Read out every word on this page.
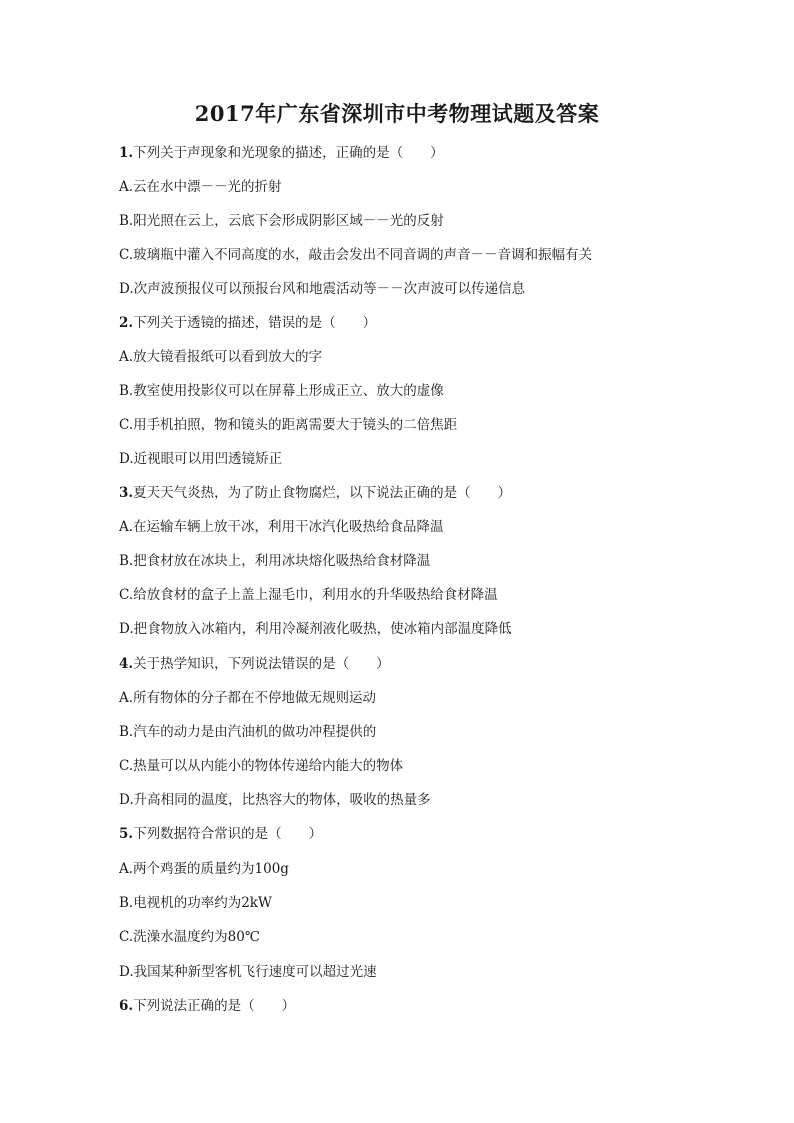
2017年广东省深圳市中考物理试题及答案
1.下列关于声现象和光现象的描述，正确的是（　　）
A.云在水中漂－－光的折射
B.阳光照在云上，云底下会形成阴影区域－－光的反射
C.玻璃瓶中灌入不同高度的水，敲击会发出不同音调的声音－－音调和振幅有关
D.次声波预报仪可以预报台风和地震活动等－－次声波可以传递信息
2.下列关于透镜的描述，错误的是（　　）
A.放大镜看报纸可以看到放大的字
B.教室使用投影仪可以在屏幕上形成正立、放大的虚像
C.用手机拍照，物和镜头的距离需要大于镜头的二倍焦距
D.近视眼可以用凹透镜矫正
3.夏天天气炎热，为了防止食物腐烂，以下说法正确的是（　　）
A.在运输车辆上放干冰，利用干冰汽化吸热给食品降温
B.把食材放在冰块上，利用冰块熔化吸热给食材降温
C.给放食材的盒子上盖上湿毛巾，利用水的升华吸热给食材降温
D.把食物放入冰箱内，利用冷凝剂液化吸热，使冰箱内部温度降低
4.关于热学知识，下列说法错误的是（　　）
A.所有物体的分子都在不停地做无规则运动
B.汽车的动力是由汽油机的做功冲程提供的
C.热量可以从内能小的物体传递给内能大的物体
D.升高相同的温度，比热容大的物体，吸收的热量多
5.下列数据符合常识的是（　　）
A.两个鸡蛋的质量约为100g
B.电视机的功率约为2kW
C.洗澡水温度约为80℃
D.我国某种新型客机飞行速度可以超过光速
6.下列说法正确的是（　　）
